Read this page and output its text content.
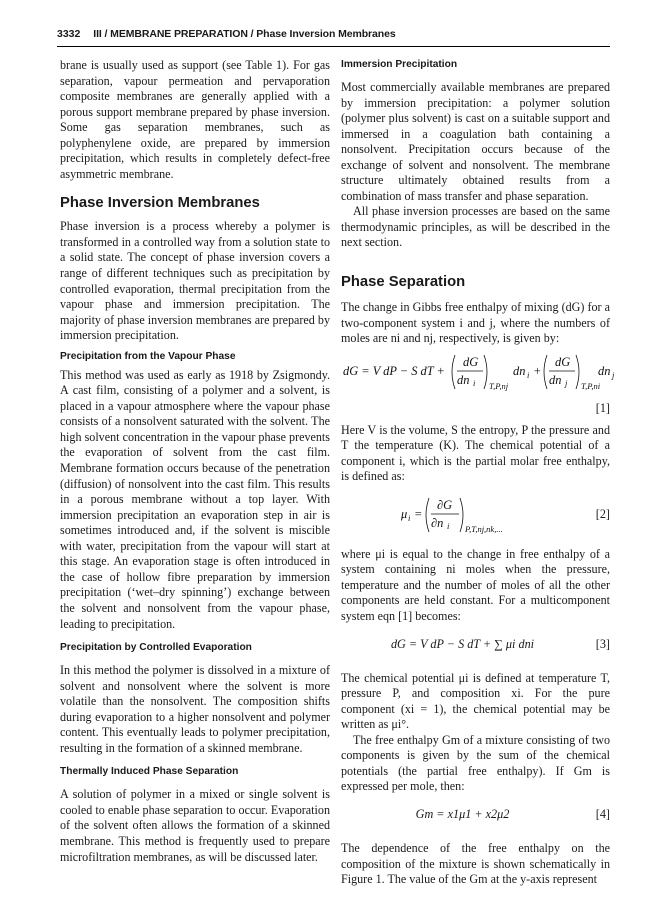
3332 III / MEMBRANE PREPARATION / Phase Inversion Membranes

brane is usually used as support (see Table 1). For gas separation, vapour permeation and pervaporation composite membranes are generally applied with a porous support membrane prepared by phase inversion. Some gas separation membranes, such as polyphenylene oxide, are prepared by immersion precipitation, which results in completely defect-free asymmetric membrane.

Phase Inversion Membranes

Phase inversion is a process whereby a polymer is transformed in a controlled way from a solution state to a solid state. The concept of phase inversion covers a range of different techniques such as precipitation by controlled evaporation, thermal precipitation from the vapour phase and immersion precipitation. The majority of phase inversion membranes are prepared by immersion precipitation.

Precipitation from the Vapour Phase

This method was used as early as 1918 by Zsigmondy. A cast film, consisting of a polymer and a solvent, is placed in a vapour atmosphere where the vapour phase consists of a nonsolvent saturated with the solvent. The high solvent concentration in the vapour phase prevents the evaporation of solvent from the cast film. Membrane formation occurs because of the penetration (diffusion) of nonsolvent into the cast film. This results in a porous membrane without a top layer. With immersion precipitation an evaporation step in air is sometimes introduced and, if the solvent is miscible with water, precipitation from the vapour will start at this stage. An evaporation stage is often introduced in the case of hollow fibre preparation by immersion precipitation (‘wet–dry spinning’) exchange between the solvent and nonsolvent from the vapour phase, leading to precipitation.

Precipitation by Controlled Evaporation

In this method the polymer is dissolved in a mixture of solvent and nonsolvent where the solvent is more volatile than the nonsolvent. The composition shifts during evaporation to a higher nonsolvent and polymer content. This eventually leads to polymer precipitation, resulting in the formation of a skinned membrane.

Thermally Induced Phase Separation

A solution of polymer in a mixed or single solvent is cooled to enable phase separation to occur. Evaporation of the solvent often allows the formation of a skinned membrane. This method is frequently used to prepare microfiltration membranes, as will be discussed later.

Immersion Precipitation

Most commercially available membranes are prepared by immersion precipitation: a polymer solution (polymer plus solvent) is cast on a suitable support and immersed in a coagulation bath containing a nonsolvent. Precipitation occurs because of the exchange of solvent and nonsolvent. The membrane structure ultimately obtained results from a combination of mass transfer and phase separation.

All phase inversion processes are based on the same thermodynamic principles, as will be described in the next section.

Phase Separation

The change in Gibbs free enthalpy of mixing (dG) for a two-component system i and j, where the numbers of moles are ni and nj, respectively, is given by:

dG = V dP − S dT +
dG
dn i T,P,nj
dn i +
dG
dn j T,P,ni
dn j
[1]

Here V is the volume, S the entropy, P the pressure and T the temperature (K). The chemical potential of a component i, which is the partial molar free enthalpy, is defined as:

μ i =
∂G
∂n i P,T,nj,nk,...
[2]

where μi is equal to the change in free enthalpy of a system containing ni moles when the pressure, temperature and the number of moles of all the other components are held constant. For a multicomponent system eqn [1] becomes:

dG = V dP − S dT + ∑ μi dni	[3]

The chemical potential μi is defined at temperature T, pressure P, and composition xi. For the pure component (xi = 1), the chemical potential may be written as μi°.

The free enthalpy Gm of a mixture consisting of two components is given by the sum of the chemical potentials (the partial free enthalpy). If Gm is expressed per mole, then:

Gm = x1μ1 + x2μ2	[4]

The dependence of the free enthalpy on the composition of the mixture is shown schematically in Figure 1. The value of the Gm at the y-axis represent
